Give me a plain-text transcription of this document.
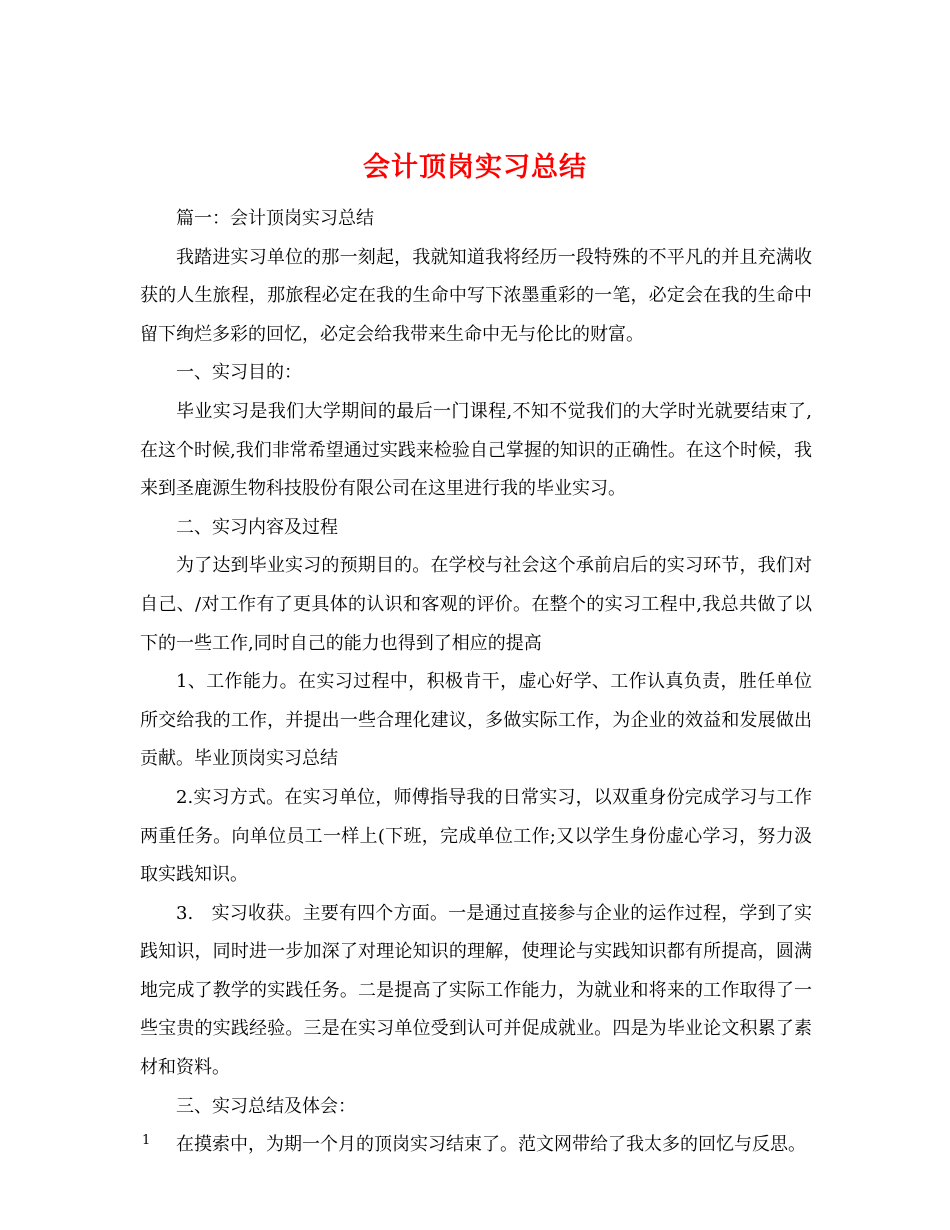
会计顶岗实习总结

篇一：会计顶岗实习总结

我踏进实习单位的那一刻起，我就知道我将经历一段特殊的不平凡的并且充满收获的人生旅程，那旅程必定在我的生命中写下浓墨重彩的一笔，必定会在我的生命中留下绚烂多彩的回忆，必定会给我带来生命中无与伦比的财富。

一、实习目的：

毕业实习是我们大学期间的最后一门课程,不知不觉我们的大学时光就要结束了,在这个时候,我们非常希望通过实践来检验自己掌握的知识的正确性。在这个时候，我来到圣鹿源生物科技股份有限公司在这里进行我的毕业实习。

二、实习内容及过程

为了达到毕业实习的预期目的。在学校与社会这个承前启后的实习环节，我们对自己、/对工作有了更具体的认识和客观的评价。在整个的实习工程中,我总共做了以下的一些工作,同时自己的能力也得到了相应的提高

1、工作能力。在实习过程中，积极肯干，虚心好学、工作认真负责，胜任单位所交给我的工作，并提出一些合理化建议，多做实际工作，为企业的效益和发展做出贡献。毕业顶岗实习总结

2.实习方式。在实习单位，师傅指导我的日常实习，以双重身份完成学习与工作两重任务。向单位员工一样上(下班，完成单位工作;又以学生身份虚心学习，努力汲取实践知识。

3.　实习收获。主要有四个方面。一是通过直接参与企业的运作过程，学到了实践知识，同时进一步加深了对理论知识的理解，使理论与实践知识都有所提高，圆满地完成了教学的实践任务。二是提高了实际工作能力，为就业和将来的工作取得了一些宝贵的实践经验。三是在实习单位受到认可并促成就业。四是为毕业论文积累了素材和资料。

三、实习总结及体会：

在摸索中，为期一个月的顶岗实习结束了。范文网带给了我太多的回忆与反思。

1
